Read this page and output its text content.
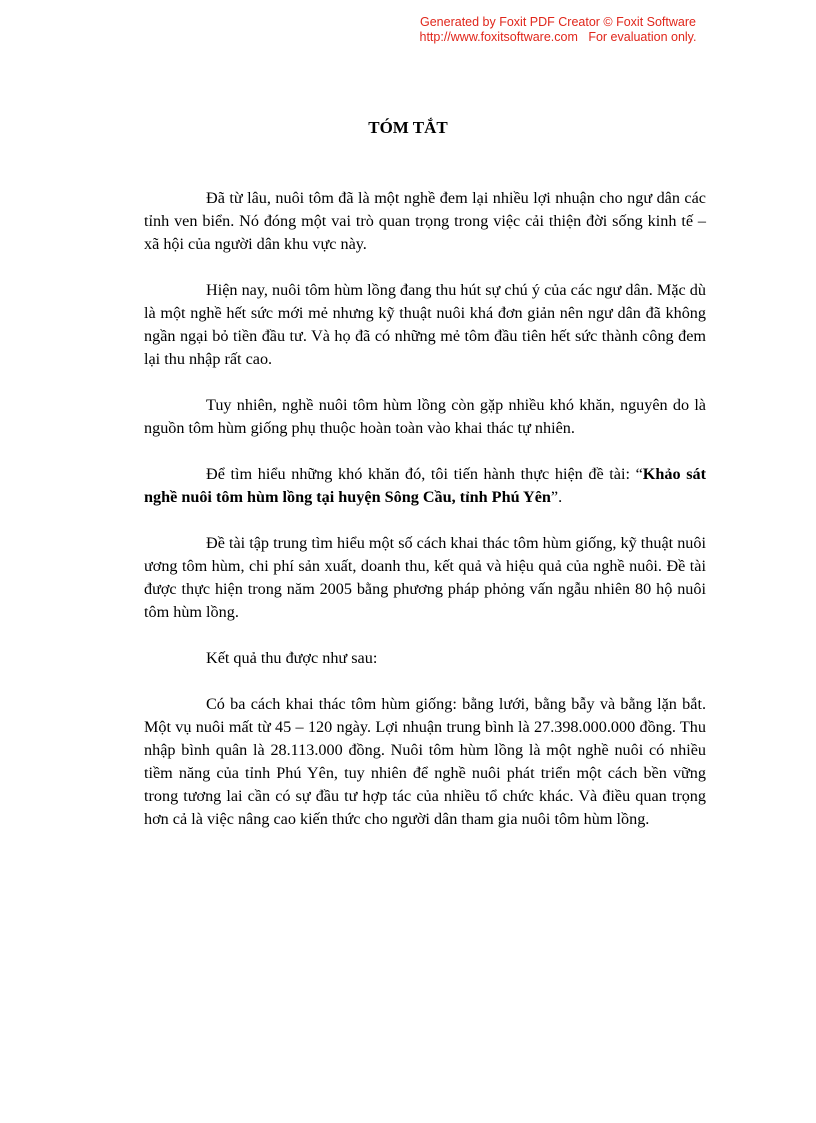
Generated by Foxit PDF Creator © Foxit Software
http://www.foxitsoftware.com For evaluation only.
TÓM TẮT

Đã từ lâu, nuôi tôm đã là một nghề đem lại nhiều lợi nhuận cho ngư dân các tỉnh ven biển. Nó đóng một vai trò quan trọng trong việc cải thiện đời sống kinh tế – xã hội của người dân khu vực này.

Hiện nay, nuôi tôm hùm lồng đang thu hút sự chú ý của các ngư dân. Mặc dù là một nghề hết sức mới mẻ nhưng kỹ thuật nuôi khá đơn giản nên ngư dân đã không ngần ngại bỏ tiền đầu tư. Và họ đã có những mẻ tôm đầu tiên hết sức thành công đem lại thu nhập rất cao.

Tuy nhiên, nghề nuôi tôm hùm lồng còn gặp nhiều khó khăn, nguyên do là nguồn tôm hùm giống phụ thuộc hoàn toàn vào khai thác tự nhiên.

Để tìm hiểu những khó khăn đó, tôi tiến hành thực hiện đề tài: “Khảo sát nghề nuôi tôm hùm lồng tại huyện Sông Cầu, tỉnh Phú Yên”.

Đề tài tập trung tìm hiểu một số cách khai thác tôm hùm giống, kỹ thuật nuôi ương tôm hùm, chi phí sản xuất, doanh thu, kết quả và hiệu quả của nghề nuôi. Đề tài được thực hiện trong năm 2005 bằng phương pháp phỏng vấn ngẫu nhiên 80 hộ nuôi tôm hùm lồng.

Kết quả thu được như sau:

Có ba cách khai thác tôm hùm giống: bằng lưới, bằng bẫy và bằng lặn bắt. Một vụ nuôi mất từ 45 – 120 ngày. Lợi nhuận trung bình là 27.398.000.000 đồng. Thu nhập bình quân là 28.113.000 đồng. Nuôi tôm hùm lồng là một nghề nuôi có nhiều tiềm năng của tỉnh Phú Yên, tuy nhiên để nghề nuôi phát triển một cách bền vững trong tương lai cần có sự đầu tư hợp tác của nhiều tổ chức khác. Và điều quan trọng hơn cả là việc nâng cao kiến thức cho người dân tham gia nuôi tôm hùm lồng.
